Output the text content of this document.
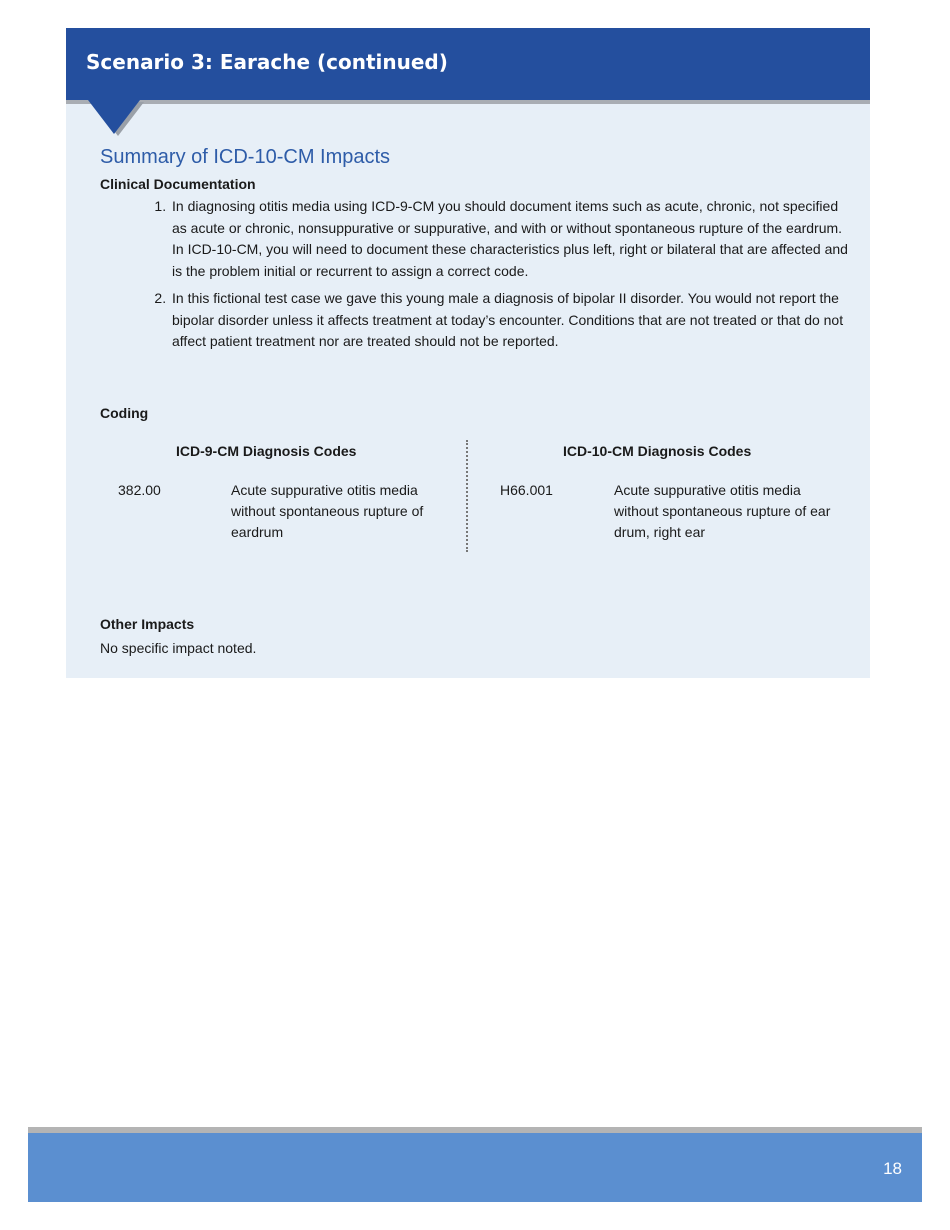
Scenario 3: Earache (continued)
Summary of ICD-10-CM Impacts
Clinical Documentation
1. In diagnosing otitis media using ICD-9-CM you should document items such as acute, chronic, not specified as acute or chronic, nonsuppurative or suppurative, and with or without spontaneous rupture of the eardrum. In ICD-10-CM, you will need to document these characteristics plus left, right or bilateral that are affected and is the problem initial or recurrent to assign a correct code.
2. In this fictional test case we gave this young male a diagnosis of bipolar II disorder. You would not report the bipolar disorder unless it affects treatment at today’s encounter. Conditions that are not treated or that do not affect patient treatment nor are treated should not be reported.
Coding
ICD-9-CM Diagnosis Codes
382.00	Acute suppurative otitis media without spontaneous rupture of eardrum
ICD-10-CM Diagnosis Codes
H66.001	Acute suppurative otitis media without spontaneous rupture of ear drum, right ear
Other Impacts
No specific impact noted.
18
